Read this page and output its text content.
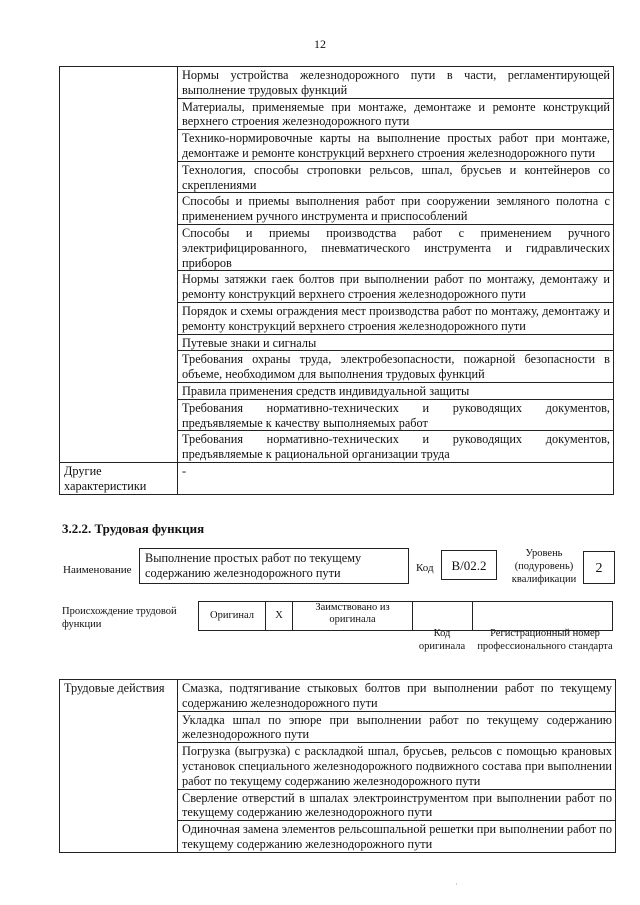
12
	Нормы устройства железнодорожного пути в части, регламентирующей выполнение трудовых функций
	Материалы, применяемые при монтаже, демонтаже и ремонте конструкций верхнего строения железнодорожного пути
	Технико-нормировочные карты на выполнение простых работ при монтаже, демонтаже и ремонте конструкций верхнего строения железнодорожного пути
	Технология, способы строповки рельсов, шпал, брусьев и контейнеров со скреплениями
	Способы и приемы выполнения работ при сооружении земляного полотна с применением ручного инструмента и приспособлений
	Способы и приемы производства работ с применением ручного электрифицированного, пневматического инструмента и гидравлических приборов
	Нормы затяжки гаек болтов при выполнении работ по монтажу, демонтажу и ремонту конструкций верхнего строения железнодорожного пути
	Порядок и схемы ограждения мест производства работ по монтажу, демонтажу и ремонту конструкций верхнего строения железнодорожного пути
	Путевые знаки и сигналы
	Требования охраны труда, электробезопасности, пожарной безопасности в объеме, необходимом для выполнения трудовых функций
	Правила применения средств индивидуальной защиты
	Требования нормативно-технических и руководящих документов, предъявляемые к качеству выполняемых работ
	Требования нормативно-технических и руководящих документов, предъявляемые к рациональной организации труда
Другие характеристики	-
3.2.2. Трудовая функция
Наименование
Выполнение простых работ по текущему содержанию железнодорожного пути	Код	B/02.2
Уровень (подуровень) квалификации
2
Происхождение трудовой функции
Оригинал	X	Заимствовано из оригинала		
Код оригинала
Регистрационный номер профессионального стандарта
Трудовые действия	Смазка, подтягивание стыковых болтов при выполнении работ по текущему содержанию железнодорожного пути
Укладка шпал по эпюре при выполнении работ по текущему содержанию железнодорожного пути
Погрузка (выгрузка) с раскладкой шпал, брусьев, рельсов с помощью крановых установок специального железнодорожного подвижного состава при выполнении работ по текущему содержанию железнодорожного пути
Сверление отверстий в шпалах электроинструментом при выполнении работ по текущему содержанию железнодорожного пути
Одиночная замена элементов рельсошпальной решетки при выполнении работ по текущему содержанию железнодорожного пути
·
